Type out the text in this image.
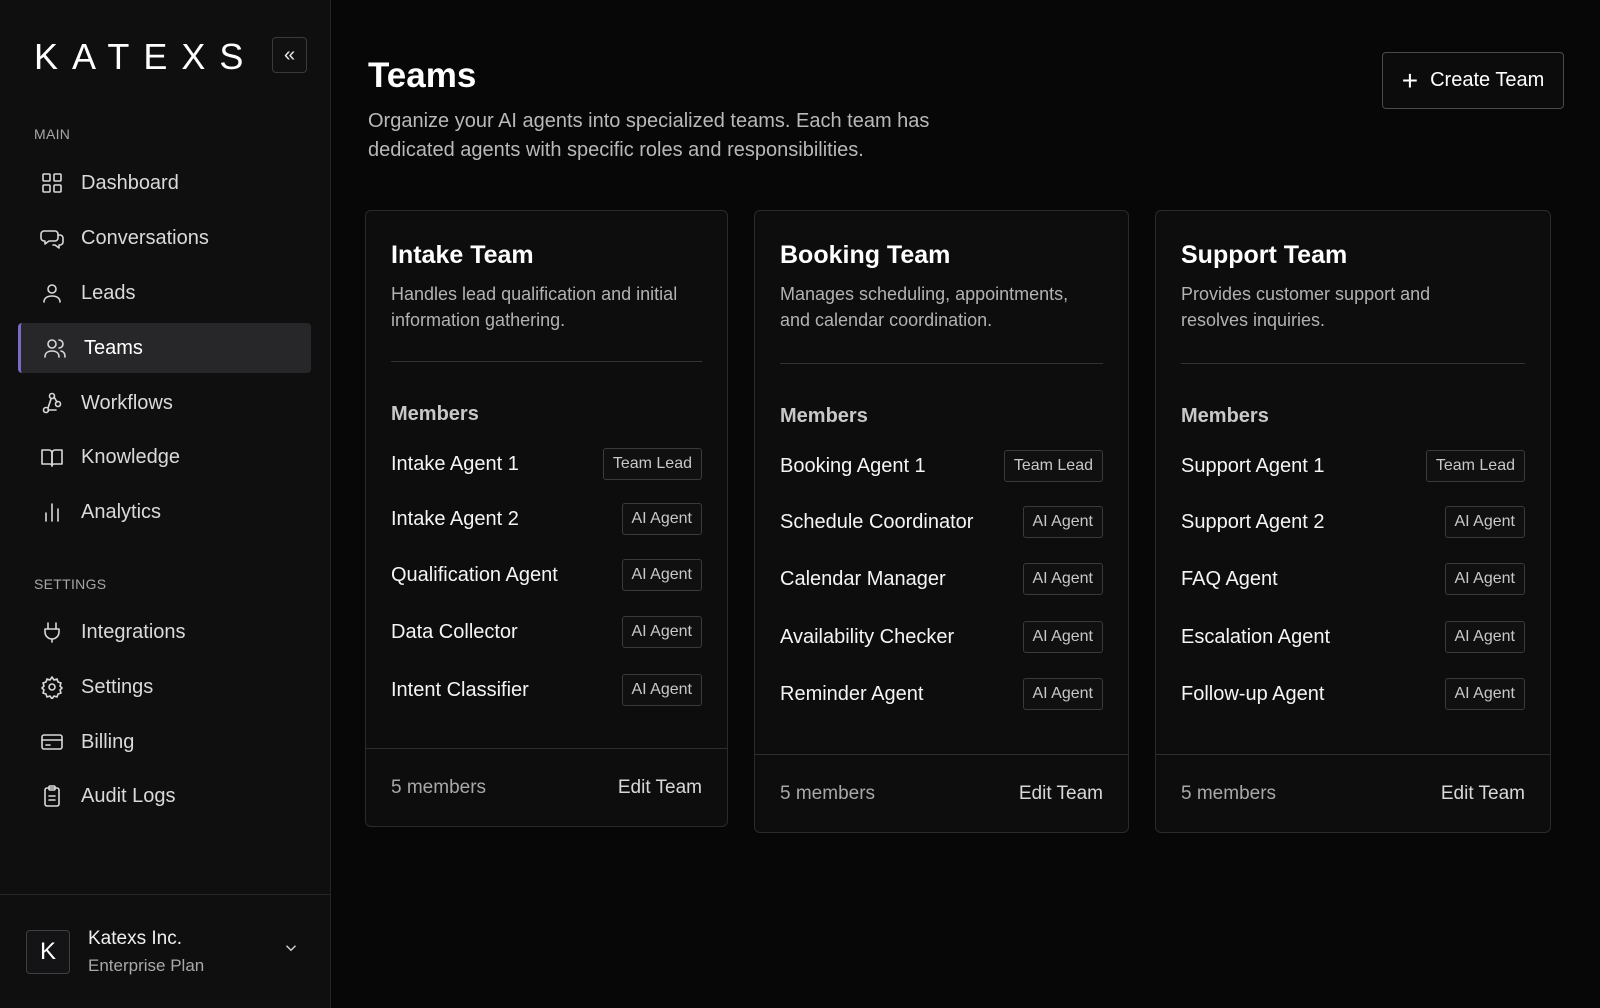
KATEXS «
MAIN
Dashboard
Conversations
Leads
Teams
Workflows
Knowledge
Analytics
SETTINGS
Integrations
Settings
Billing
Audit Logs
K	Katexs Inc.
Enterprise Plan
Teams

Organize your AI agents into specialized teams. Each team has dedicated agents with specific roles and responsibilities.

+ Create Team
Intake Team

Handles lead qualification and initial information gathering.

Members
Intake Agent 1	Team Lead
Intake Agent 2	AI Agent
Qualification Agent	AI Agent
Data Collector	AI Agent
Intent Classifier	AI Agent
5 members	Edit Team
Booking Team

Manages scheduling, appointments, and calendar coordination.

Members
Booking Agent 1	Team Lead
Schedule Coordinator	AI Agent
Calendar Manager	AI Agent
Availability Checker	AI Agent
Reminder Agent	AI Agent
5 members	Edit Team
Support Team

Provides customer support and resolves inquiries.

Members
Support Agent 1	Team Lead
Support Agent 2	AI Agent
FAQ Agent	AI Agent
Escalation Agent	AI Agent
Follow-up Agent	AI Agent
5 members	Edit Team
